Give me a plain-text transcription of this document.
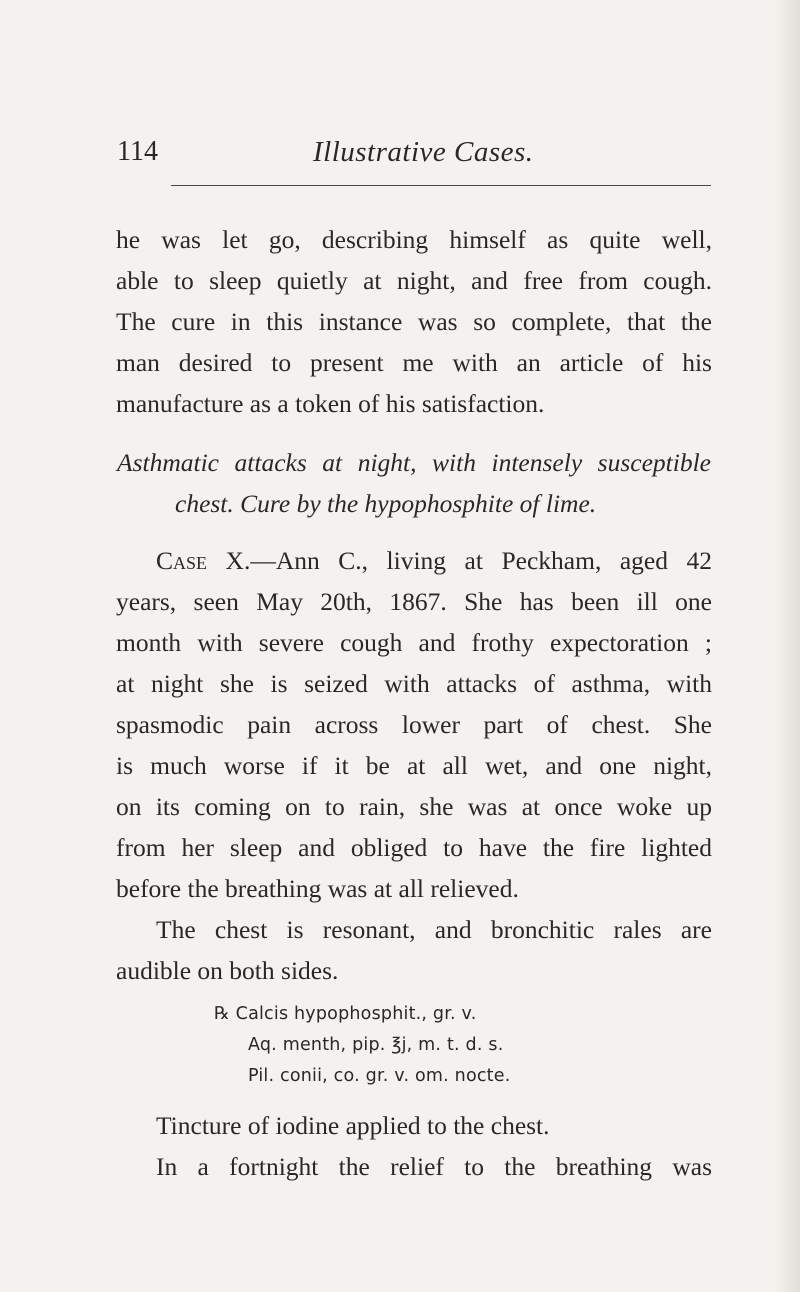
114	Illustrative Cases.
he was let go, describing himself as quite well,
able to sleep quietly at night, and free from cough.
The cure in this instance was so complete, that the
man desired to present me with an article of his
manufacture as a token of his satisfaction.
Asthmatic attacks at night, with intensely susceptible
chest. Cure by the hypophosphite of lime.
Case X.—Ann C., living at Peckham, aged 42
years, seen May 20th, 1867. She has been ill one
month with severe cough and frothy expectoration ;
at night she is seized with attacks of asthma, with
spasmodic pain across lower part of chest. She
is much worse if it be at all wet, and one night,
on its coming on to rain, she was at once woke up
from her sleep and obliged to have the fire lighted
before the breathing was at all relieved.
The chest is resonant, and bronchitic rales are
audible on both sides.
℞ Calcis hypophosphit., gr. v.
Aq. menth, pip. ℥j, m. t. d. s.
Pil. conii, co. gr. v. om. nocte.
Tincture of iodine applied to the chest.
In a fortnight the relief to the breathing was
